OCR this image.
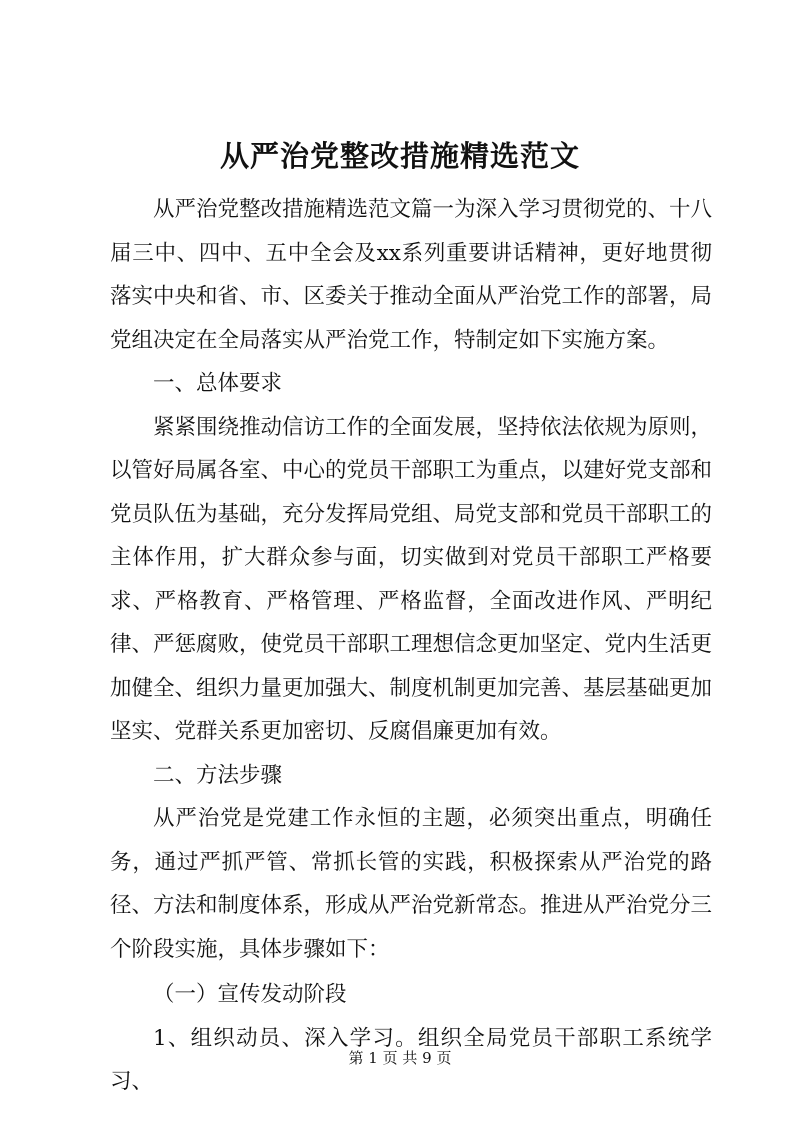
从严治党整改措施精选范文

从严治党整改措施精选范文篇一为深入学习贯彻党的、十八届三中、四中、五中全会及xx系列重要讲话精神，更好地贯彻落实中央和省、市、区委关于推动全面从严治党工作的部署，局党组决定在全局落实从严治党工作，特制定如下实施方案。

一、总体要求

紧紧围绕推动信访工作的全面发展，坚持依法依规为原则，以管好局属各室、中心的党员干部职工为重点，以建好党支部和党员队伍为基础，充分发挥局党组、局党支部和党员干部职工的主体作用，扩大群众参与面，切实做到对党员干部职工严格要求、严格教育、严格管理、严格监督，全面改进作风、严明纪律、严惩腐败，使党员干部职工理想信念更加坚定、党内生活更加健全、组织力量更加强大、制度机制更加完善、基层基础更加坚实、党群关系更加密切、反腐倡廉更加有效。

二、方法步骤

从严治党是党建工作永恒的主题，必须突出重点，明确任务，通过严抓严管、常抓长管的实践，积极探索从严治党的路径、方法和制度体系，形成从严治党新常态。推进从严治党分三个阶段实施，具体步骤如下：

（一）宣传发动阶段

1、组织动员、深入学习。组织全局党员干部职工系统学习、

第 1 页 共 9 页
